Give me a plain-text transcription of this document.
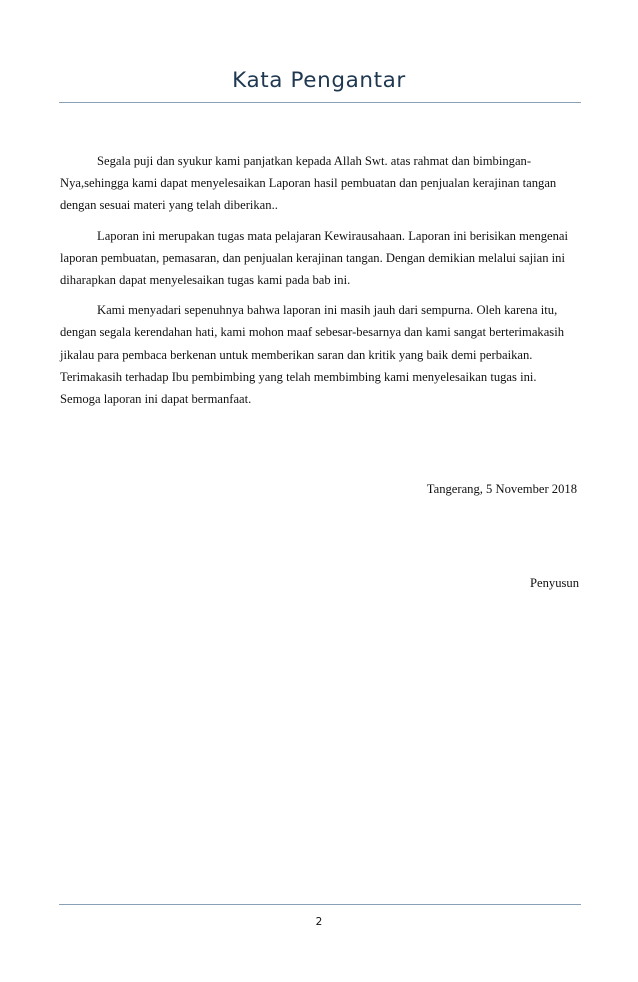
Kata Pengantar
Segala puji dan syukur kami panjatkan kepada Allah Swt. atas rahmat dan bimbingan-
Nya,sehingga kami dapat menyelesaikan Laporan hasil pembuatan dan penjualan kerajinan tangan
dengan sesuai materi yang telah diberikan..
Laporan ini merupakan tugas mata pelajaran Kewirausahaan. Laporan ini berisikan mengenai
laporan pembuatan, pemasaran, dan penjualan kerajinan tangan. Dengan demikian melalui sajian ini
diharapkan dapat menyelesaikan tugas kami pada bab ini.
Kami menyadari sepenuhnya bahwa laporan ini masih jauh dari sempurna. Oleh karena itu,
dengan segala kerendahan hati, kami mohon maaf sebesar-besarnya dan kami sangat berterimakasih
jikalau para pembaca berkenan untuk memberikan saran dan kritik yang baik demi perbaikan.
Terimakasih terhadap Ibu pembimbing yang telah membimbing kami menyelesaikan tugas ini.
Semoga laporan ini dapat bermanfaat.
Tangerang, 5 November 2018
Penyusun
2
